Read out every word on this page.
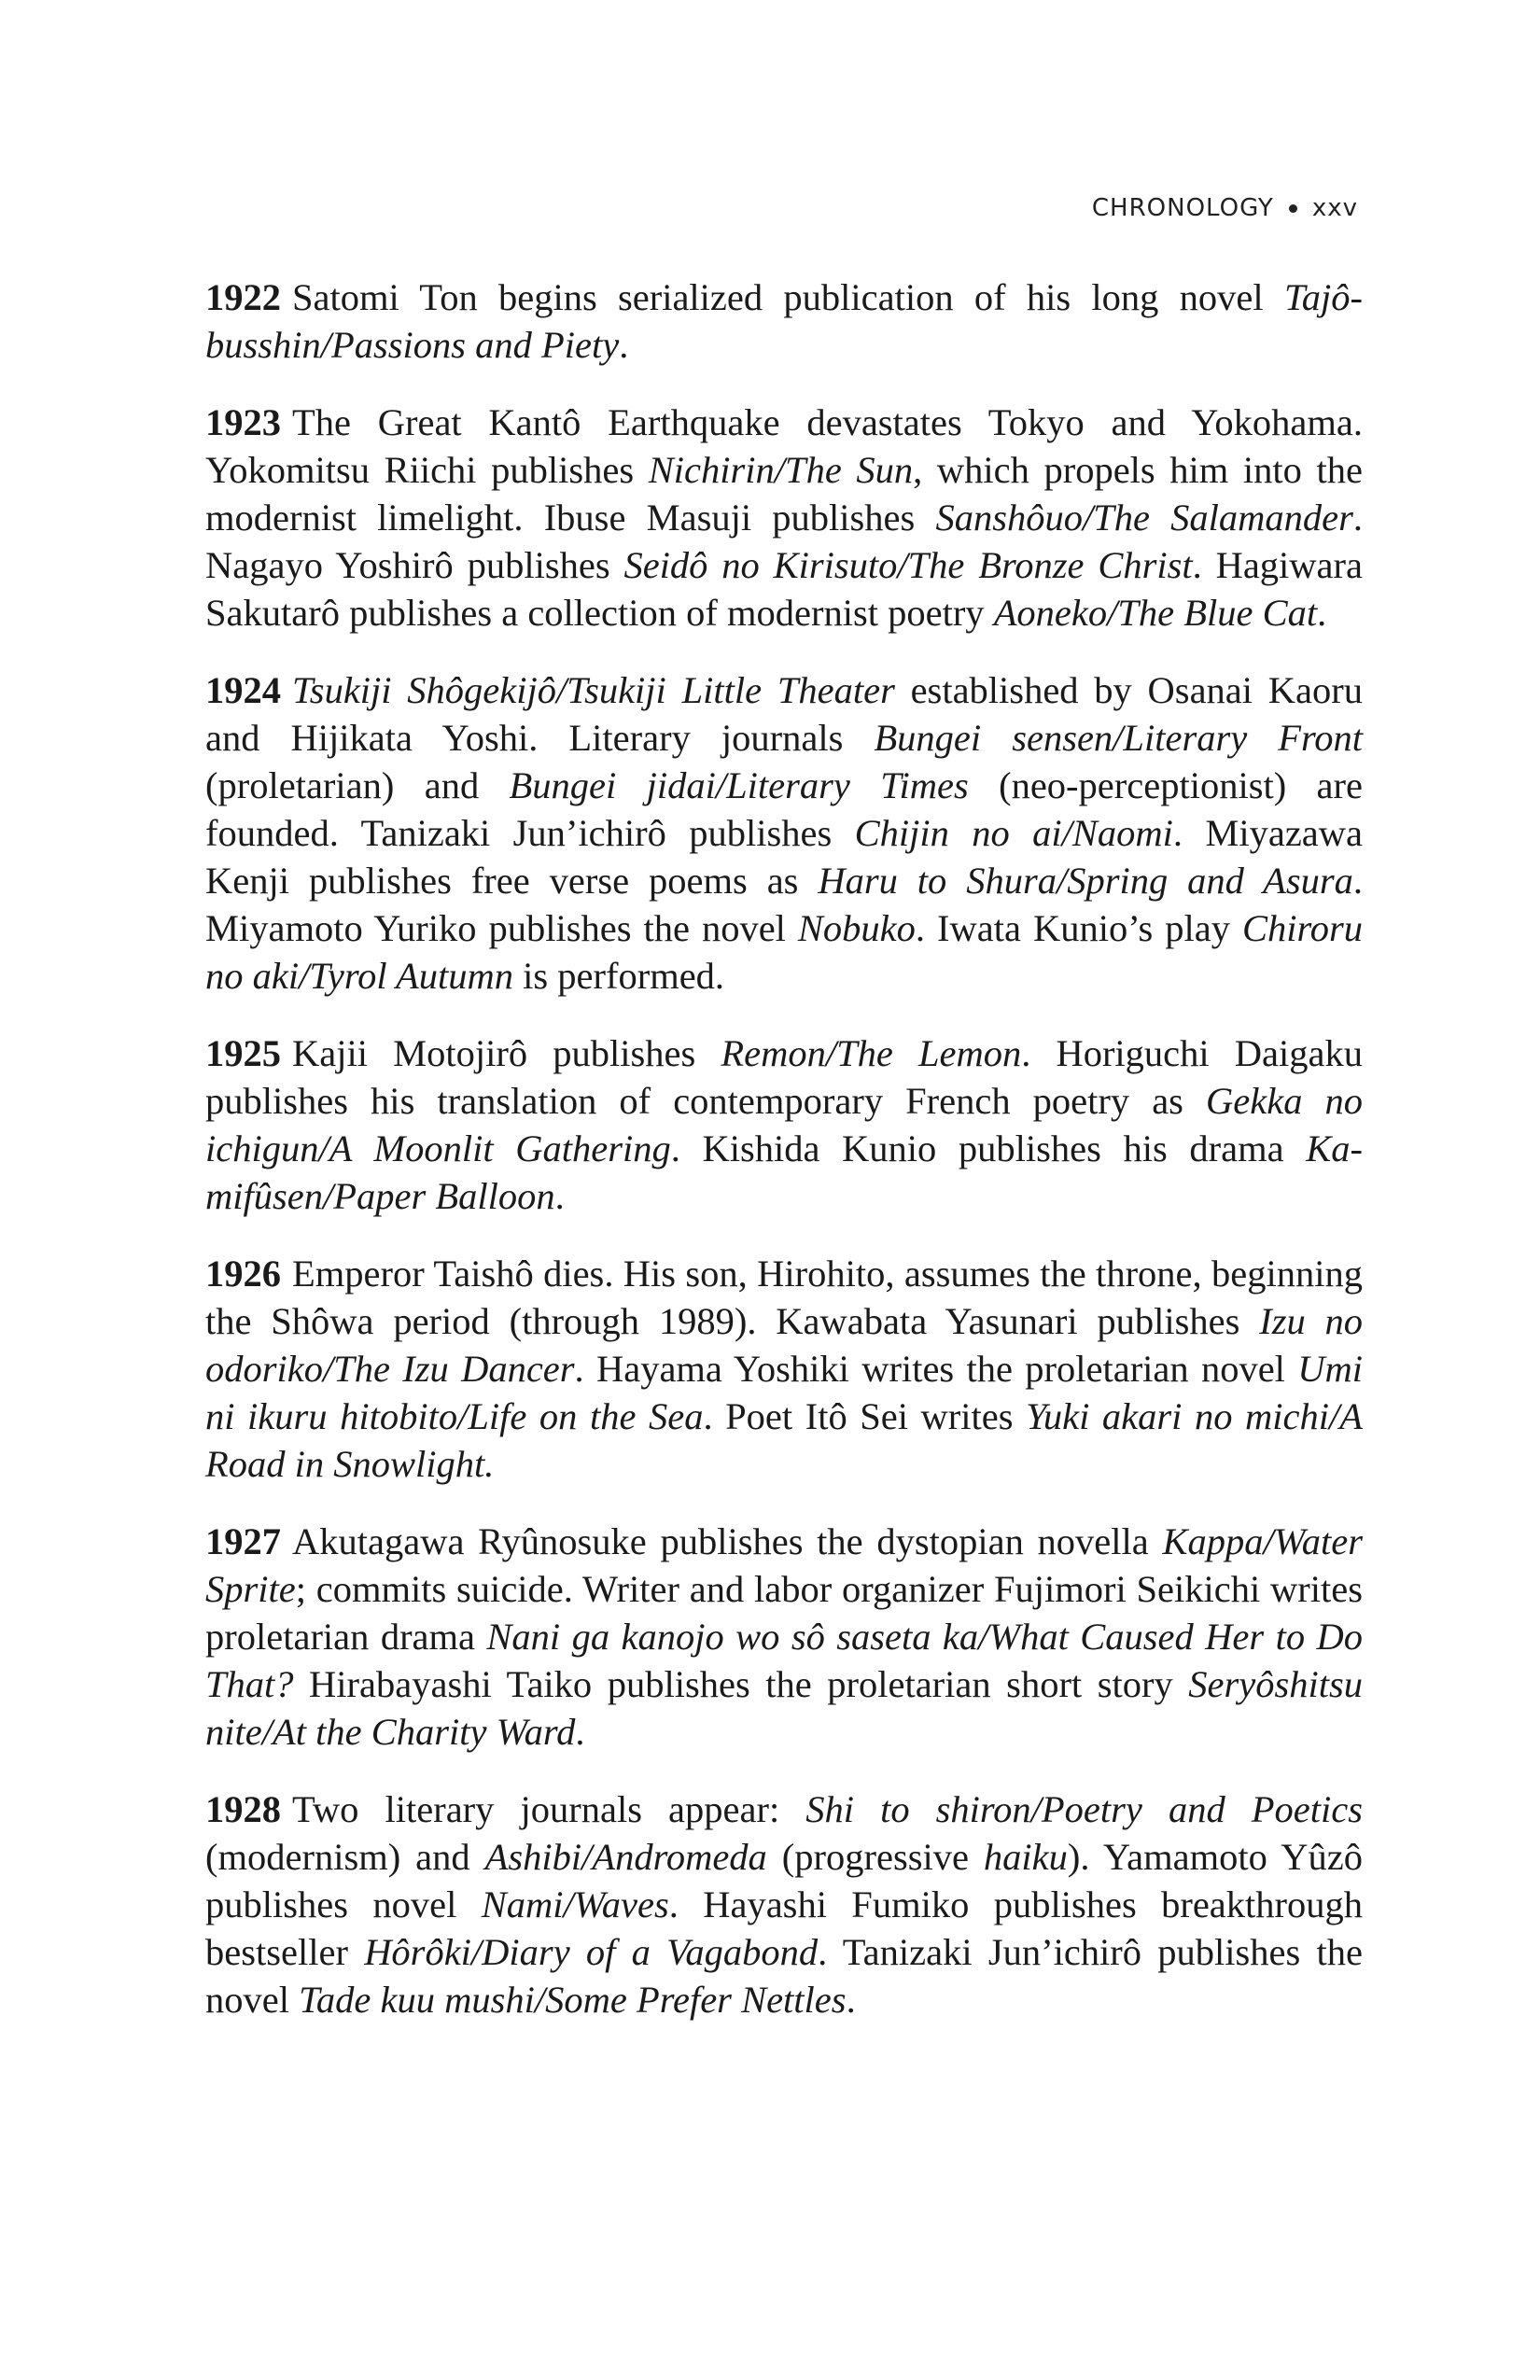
CHRONOLOGY xxv

1922 Satomi Ton begins serialized publication of his long novel Tajôbusshin/Passions and Piety.

1923 The Great Kantô Earthquake devastates Tokyo and Yokohama. Yokomitsu Riichi publishes Nichirin/The Sun, which propels him into the modernist limelight. Ibuse Masuji publishes Sanshôuo/The Salamander. Nagayo Yoshirô publishes Seidô no Kirisuto/The Bronze Christ. Hagiwara Sakutarô publishes a collection of modernist poetry Aoneko/The Blue Cat.

1924 Tsukiji Shôgekijô/Tsukiji Little Theater established by Osanai Kaoru and Hijikata Yoshi. Literary journals Bungei sensen/Literary Front (proletarian) and Bungei jidai/Literary Times (neo-perceptionist) are founded. Tanizaki Jun’ichirô publishes Chijin no ai/Naomi. Miyazawa Kenji publishes free verse poems as Haru to Shura/Spring and Asura. Miyamoto Yuriko publishes the novel Nobuko. Iwata Kunio’s play Chiroru no aki/Tyrol Autumn is performed.

1925 Kajii Motojirô publishes Remon/The Lemon. Horiguchi Daigaku publishes his translation of contemporary French poetry as Gekka no ichigun/A Moonlit Gathering. Kishida Kunio publishes his drama Kamifûsen/Paper Balloon.

1926 Emperor Taishô dies. His son, Hirohito, assumes the throne, beginning the Shôwa period (through 1989). Kawabata Yasunari publishes Izu no odoriko/The Izu Dancer. Hayama Yoshiki writes the proletarian novel Umi ni ikuru hitobito/Life on the Sea. Poet Itô Sei writes Yuki akari no michi/A Road in Snowlight.

1927 Akutagawa Ryûnosuke publishes the dystopian novella Kappa/​Water Sprite; commits suicide. Writer and labor organizer Fujimori Seikichi writes proletarian drama Nani ga kanojo wo sô saseta ka/What Caused Her to Do That? Hirabayashi Taiko publishes the proletarian short story Seryôshitsu nite/At the Charity Ward.

1928 Two literary journals appear: Shi to shiron/Poetry and Poetics (modernism) and Ashibi/Andromeda (progressive haiku). Yamamoto Yûzô publishes novel Nami/Waves. Hayashi Fumiko publishes breakthrough bestseller Hôrôki/Diary of a Vagabond. Tanizaki Jun’ichirô publishes the novel Tade kuu mushi/Some Prefer Nettles.
